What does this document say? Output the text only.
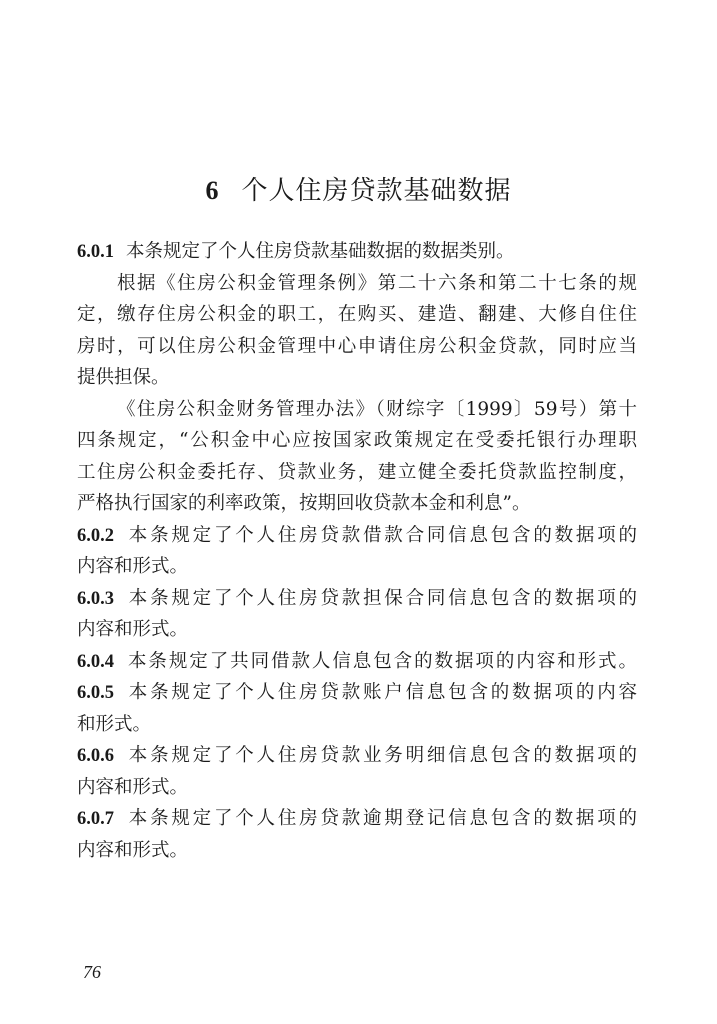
6 个人住房贷款基础数据

6.0.1 本条规定了个人住房贷款基础数据的数据类别。

根据《住房公积金管理条例》第二十六条和第二十七条的规

定，缴存住房公积金的职工，在购买、建造、翻建、大修自住住

房时，可以住房公积金管理中心申请住房公积金贷款，同时应当

提供担保。

《住房公积金财务管理办法》（财综字〔1999〕59号）第十

四条规定，“公积金中心应按国家政策规定在受委托银行办理职

工住房公积金委托存、贷款业务，建立健全委托贷款监控制度，

严格执行国家的利率政策，按期回收贷款本金和利息”。

6.0.2 本条规定了个人住房贷款借款合同信息包含的数据项的

内容和形式。

6.0.3 本条规定了个人住房贷款担保合同信息包含的数据项的

内容和形式。

6.0.4 本条规定了共同借款人信息包含的数据项的内容和形式。

6.0.5 本条规定了个人住房贷款账户信息包含的数据项的内容

和形式。

6.0.6 本条规定了个人住房贷款业务明细信息包含的数据项的

内容和形式。

6.0.7 本条规定了个人住房贷款逾期登记信息包含的数据项的

内容和形式。

76
